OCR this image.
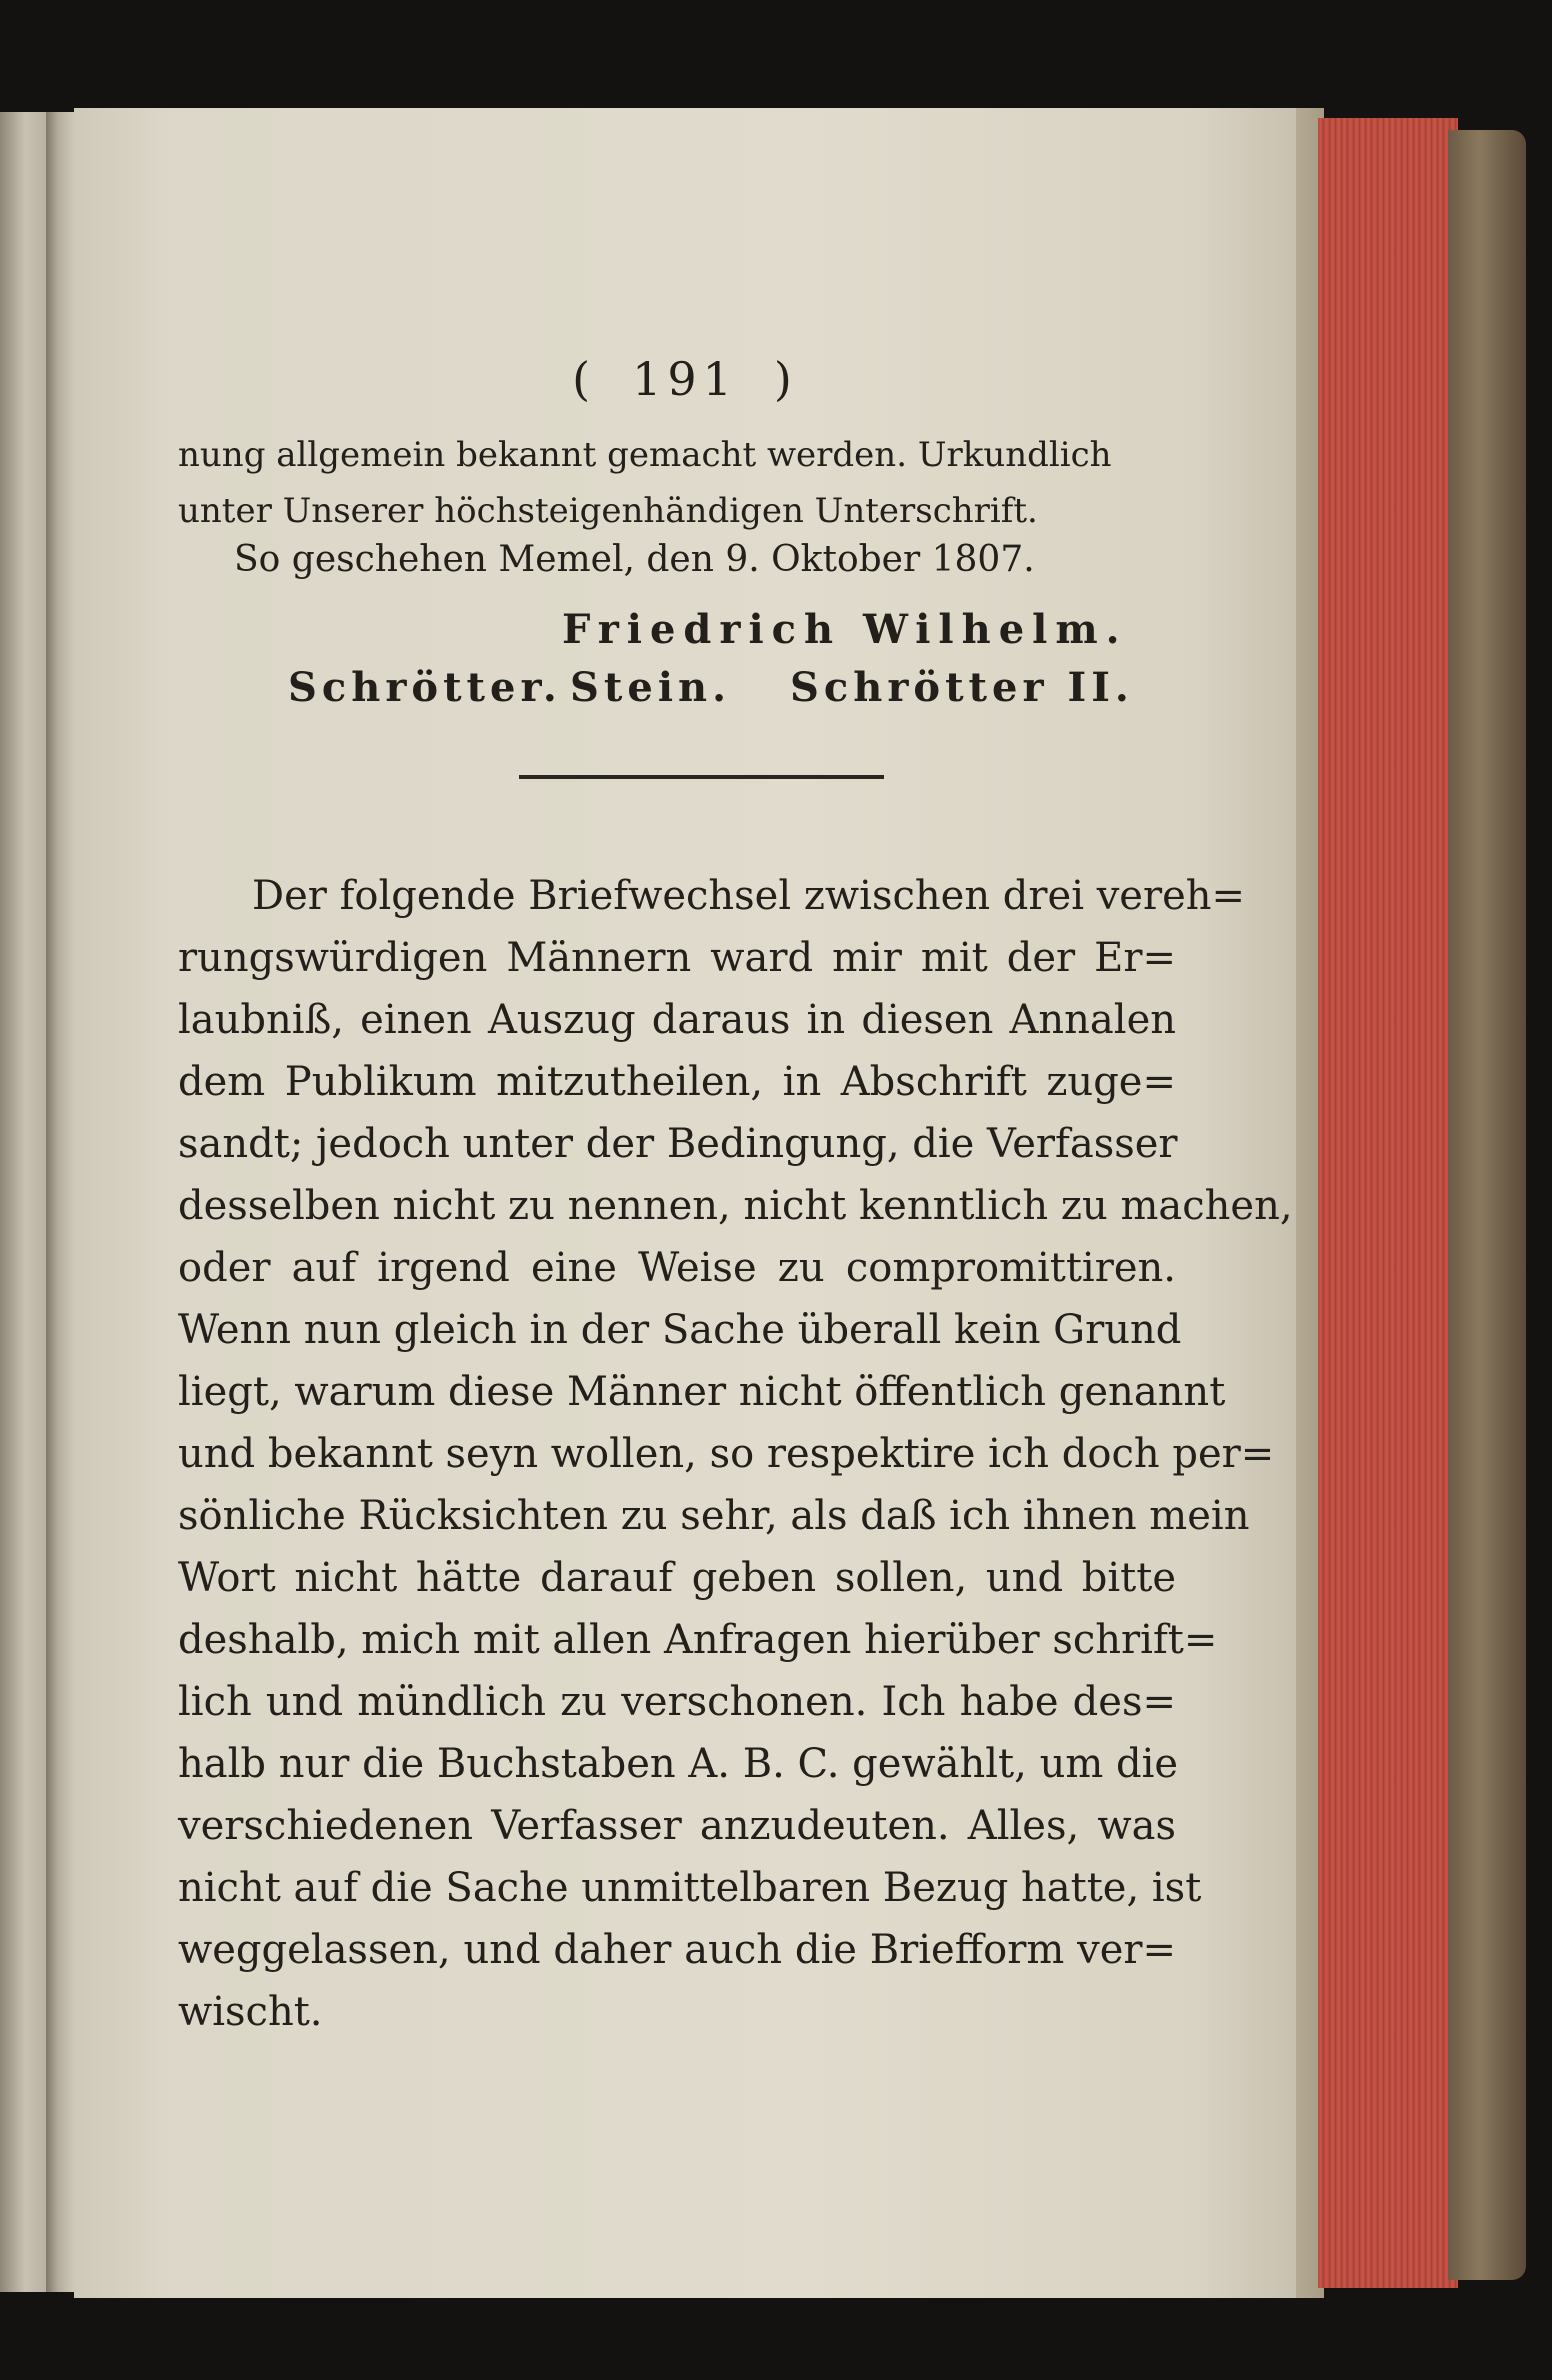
( 191 )
nung allgemein bekannt gemacht werden. Urkundlich
unter Unserer höchsteigenhändigen Unterschrift.
So geschehen Memel, den 9. Oktober 1807.
Friedrich Wilhelm.
Schrötter. Stein. Schrötter II.
Der folgende Briefwechsel zwischen drei vereh=
rungswürdigen Männern ward mir mit der Er=
laubniß, einen Auszug daraus in diesen Annalen
dem Publikum mitzutheilen, in Abschrift zuge=
sandt; jedoch unter der Bedingung, die Verfasser
desselben nicht zu nennen, nicht kenntlich zu machen,
oder auf irgend eine Weise zu compromittiren.
Wenn nun gleich in der Sache überall kein Grund
liegt, warum diese Männer nicht öffentlich genannt
und bekannt seyn wollen, so respektire ich doch per=
sönliche Rücksichten zu sehr, als daß ich ihnen mein
Wort nicht hätte darauf geben sollen, und bitte
deshalb, mich mit allen Anfragen hierüber schrift=
lich und mündlich zu verschonen. Ich habe des=
halb nur die Buchstaben A. B. C. gewählt, um die
verschiedenen Verfasser anzudeuten. Alles, was
nicht auf die Sache unmittelbaren Bezug hatte, ist
weggelassen, und daher auch die Briefform ver=
wischt.
